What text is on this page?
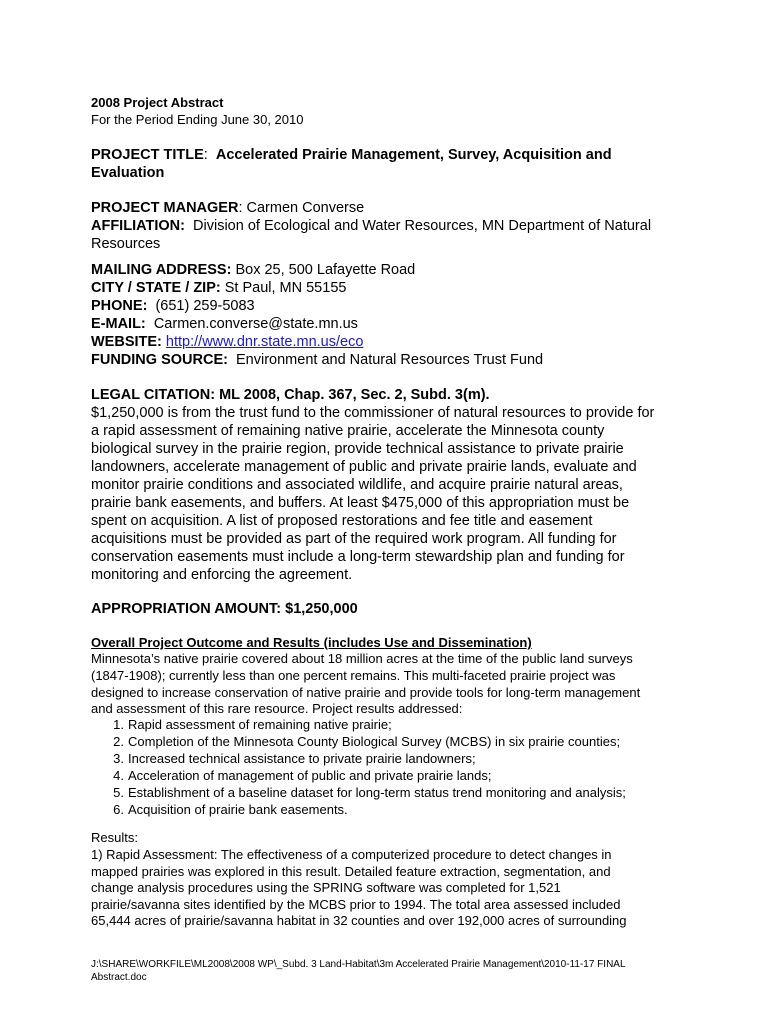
2008 Project Abstract
For the Period Ending June 30, 2010
PROJECT TITLE:  Accelerated Prairie Management, Survey, Acquisition and
Evaluation
PROJECT MANAGER: Carmen Converse
AFFILIATION: Division of Ecological and Water Resources, MN Department of Natural
Resources
MAILING ADDRESS: Box 25, 500 Lafayette Road
CITY / STATE / ZIP: St Paul, MN 55155
PHONE: (651) 259-5083
E-MAIL: Carmen.converse@state.mn.us
WEBSITE: http://www.dnr.state.mn.us/eco
FUNDING SOURCE: Environment and Natural Resources Trust Fund
LEGAL CITATION: ML 2008, Chap. 367, Sec. 2, Subd. 3(m).
$1,250,000 is from the trust fund to the commissioner of natural resources to provide for
a rapid assessment of remaining native prairie, accelerate the Minnesota county
biological survey in the prairie region, provide technical assistance to private prairie
landowners, accelerate management of public and private prairie lands, evaluate and
monitor prairie conditions and associated wildlife, and acquire prairie natural areas,
prairie bank easements, and buffers. At least $475,000 of this appropriation must be
spent on acquisition. A list of proposed restorations and fee title and easement
acquisitions must be provided as part of the required work program. All funding for
conservation easements must include a long-term stewardship plan and funding for
monitoring and enforcing the agreement.
APPROPRIATION AMOUNT: $1,250,000
Overall Project Outcome and Results (includes Use and Dissemination)
Minnesota’s native prairie covered about 18 million acres at the time of the public land surveys
(1847-1908); currently less than one percent remains. This multi-faceted prairie project was
designed to increase conservation of native prairie and provide tools for long-term management
and assessment of this rare resource. Project results addressed:
1. Rapid assessment of remaining native prairie;
2. Completion of the Minnesota County Biological Survey (MCBS) in six prairie counties;
3. Increased technical assistance to private prairie landowners;
4. Acceleration of management of public and private prairie lands;
5. Establishment of a baseline dataset for long-term status trend monitoring and analysis;
6. Acquisition of prairie bank easements.
Results:
1) Rapid Assessment: The effectiveness of a computerized procedure to detect changes in
mapped prairies was explored in this result. Detailed feature extraction, segmentation, and
change analysis procedures using the SPRING software was completed for 1,521
prairie/savanna sites identified by the MCBS prior to 1994. The total area assessed included
65,444 acres of prairie/savanna habitat in 32 counties and over 192,000 acres of surrounding
J:\SHARE\WORKFILE\ML2008\2008 WP\_Subd. 3 Land-Habitat\3m Accelerated Prairie Management\2010-11-17 FINAL
Abstract.doc
